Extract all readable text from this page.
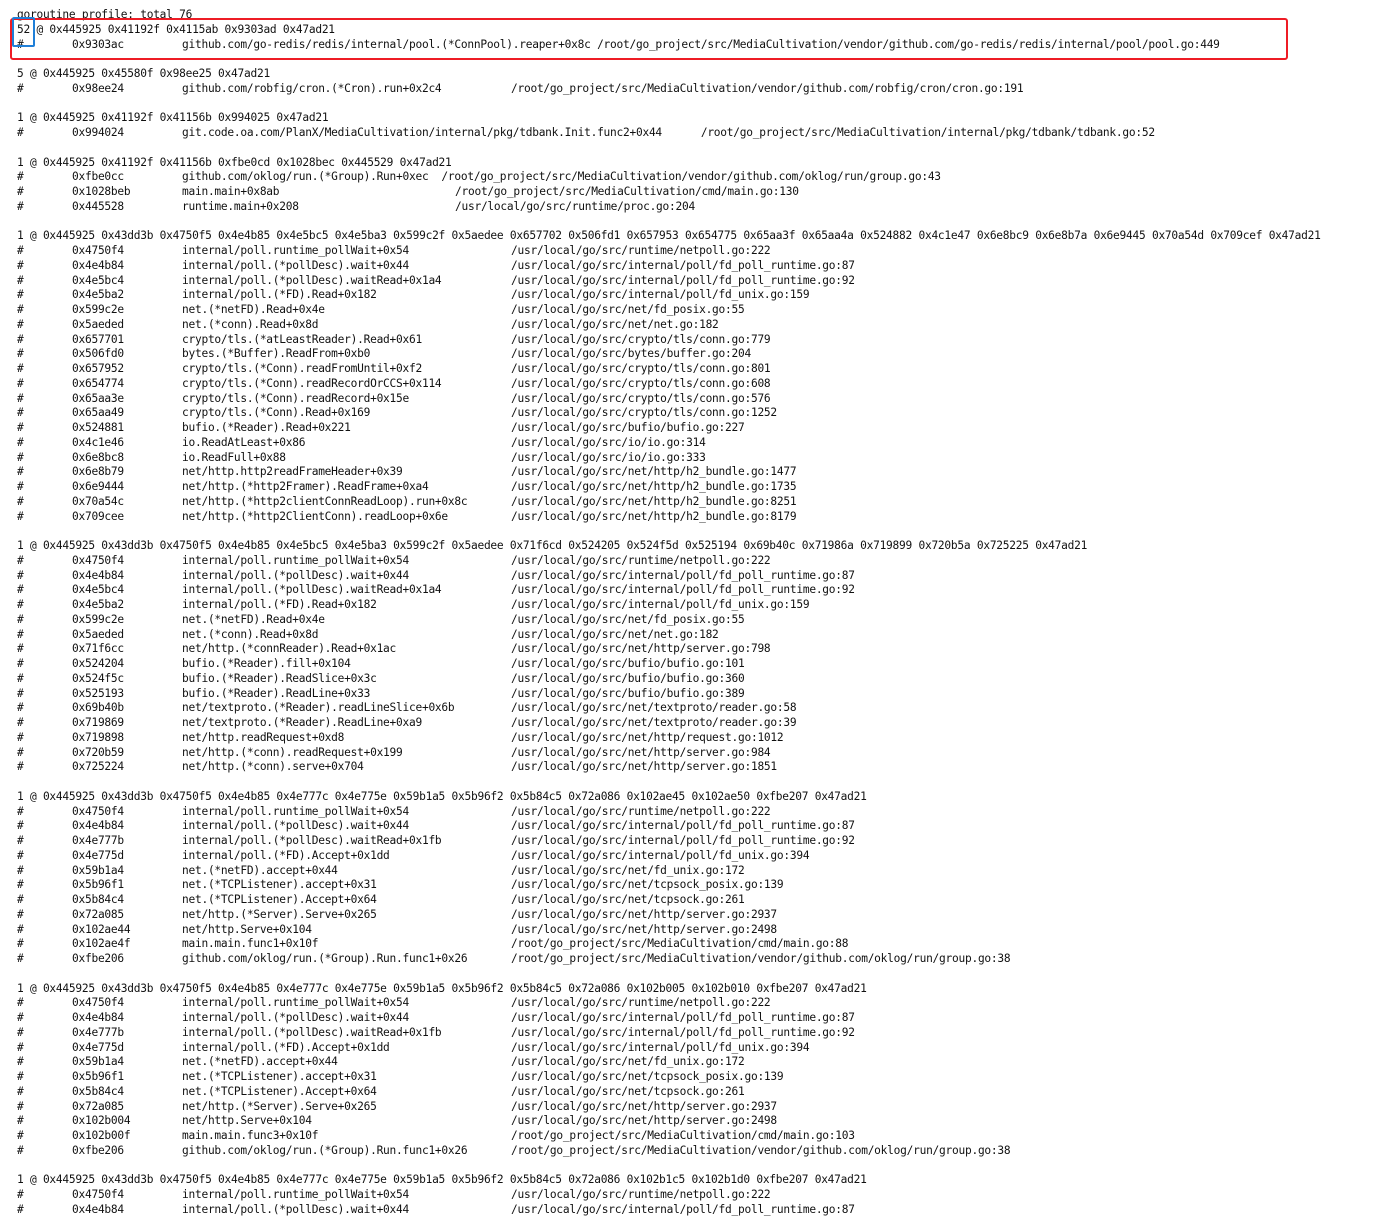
goroutine profile: total 76
52 @ 0x445925 0x41192f 0x4115ab 0x9303ad 0x47ad21
#	0x9303ac	github.com/go-redis/redis/internal/pool.(*ConnPool).reaper+0x8c /root/go_project/src/MediaCultivation/vendor/github.com/go-redis/redis/internal/pool/pool.go:449
5 @ 0x445925 0x45580f 0x98ee25 0x47ad21
#	0x98ee24	github.com/robfig/cron.(*Cron).run+0x2c4	/root/go_project/src/MediaCultivation/vendor/github.com/robfig/cron/cron.go:191
1 @ 0x445925 0x41192f 0x41156b 0x994025 0x47ad21
#	0x994024	git.code.oa.com/PlanX/MediaCultivation/internal/pkg/tdbank.Init.func2+0x44      /root/go_project/src/MediaCultivation/internal/pkg/tdbank/tdbank.go:52
1 @ 0x445925 0x41192f 0x41156b 0xfbe0cd 0x1028bec 0x445529 0x47ad21
#	0xfbe0cc	github.com/oklog/run.(*Group).Run+0xec  /root/go_project/src/MediaCultivation/vendor/github.com/oklog/run/group.go:43
#	0x1028beb	main.main+0x8ab	/root/go_project/src/MediaCultivation/cmd/main.go:130
#	0x445528	runtime.main+0x208	/usr/local/go/src/runtime/proc.go:204
1 @ 0x445925 0x43dd3b 0x4750f5 0x4e4b85 0x4e5bc5 0x4e5ba3 0x599c2f 0x5aedee 0x657702 0x506fd1 0x657953 0x654775 0x65aa3f 0x65aa4a 0x524882 0x4c1e47 0x6e8bc9 0x6e8b7a 0x6e9445 0x70a54d 0x709cef 0x47ad21
#	0x4750f4	internal/poll.runtime_pollWait+0x54	/usr/local/go/src/runtime/netpoll.go:222
#	0x4e4b84	internal/poll.(*pollDesc).wait+0x44	/usr/local/go/src/internal/poll/fd_poll_runtime.go:87
#	0x4e5bc4	internal/poll.(*pollDesc).waitRead+0x1a4	/usr/local/go/src/internal/poll/fd_poll_runtime.go:92
#	0x4e5ba2	internal/poll.(*FD).Read+0x182	/usr/local/go/src/internal/poll/fd_unix.go:159
#	0x599c2e	net.(*netFD).Read+0x4e	/usr/local/go/src/net/fd_posix.go:55
#	0x5aeded	net.(*conn).Read+0x8d	/usr/local/go/src/net/net.go:182
#	0x657701	crypto/tls.(*atLeastReader).Read+0x61	/usr/local/go/src/crypto/tls/conn.go:779
#	0x506fd0	bytes.(*Buffer).ReadFrom+0xb0	/usr/local/go/src/bytes/buffer.go:204
#	0x657952	crypto/tls.(*Conn).readFromUntil+0xf2	/usr/local/go/src/crypto/tls/conn.go:801
#	0x654774	crypto/tls.(*Conn).readRecordOrCCS+0x114	/usr/local/go/src/crypto/tls/conn.go:608
#	0x65aa3e	crypto/tls.(*Conn).readRecord+0x15e	/usr/local/go/src/crypto/tls/conn.go:576
#	0x65aa49	crypto/tls.(*Conn).Read+0x169	/usr/local/go/src/crypto/tls/conn.go:1252
#	0x524881	bufio.(*Reader).Read+0x221	/usr/local/go/src/bufio/bufio.go:227
#	0x4c1e46	io.ReadAtLeast+0x86	/usr/local/go/src/io/io.go:314
#	0x6e8bc8	io.ReadFull+0x88	/usr/local/go/src/io/io.go:333
#	0x6e8b79	net/http.http2readFrameHeader+0x39	/usr/local/go/src/net/http/h2_bundle.go:1477
#	0x6e9444	net/http.(*http2Framer).ReadFrame+0xa4	/usr/local/go/src/net/http/h2_bundle.go:1735
#	0x70a54c	net/http.(*http2clientConnReadLoop).run+0x8c	/usr/local/go/src/net/http/h2_bundle.go:8251
#	0x709cee	net/http.(*http2ClientConn).readLoop+0x6e	/usr/local/go/src/net/http/h2_bundle.go:8179
1 @ 0x445925 0x43dd3b 0x4750f5 0x4e4b85 0x4e5bc5 0x4e5ba3 0x599c2f 0x5aedee 0x71f6cd 0x524205 0x524f5d 0x525194 0x69b40c 0x71986a 0x719899 0x720b5a 0x725225 0x47ad21
#	0x4750f4	internal/poll.runtime_pollWait+0x54	/usr/local/go/src/runtime/netpoll.go:222
#	0x4e4b84	internal/poll.(*pollDesc).wait+0x44	/usr/local/go/src/internal/poll/fd_poll_runtime.go:87
#	0x4e5bc4	internal/poll.(*pollDesc).waitRead+0x1a4	/usr/local/go/src/internal/poll/fd_poll_runtime.go:92
#	0x4e5ba2	internal/poll.(*FD).Read+0x182	/usr/local/go/src/internal/poll/fd_unix.go:159
#	0x599c2e	net.(*netFD).Read+0x4e	/usr/local/go/src/net/fd_posix.go:55
#	0x5aeded	net.(*conn).Read+0x8d	/usr/local/go/src/net/net.go:182
#	0x71f6cc	net/http.(*connReader).Read+0x1ac	/usr/local/go/src/net/http/server.go:798
#	0x524204	bufio.(*Reader).fill+0x104	/usr/local/go/src/bufio/bufio.go:101
#	0x524f5c	bufio.(*Reader).ReadSlice+0x3c	/usr/local/go/src/bufio/bufio.go:360
#	0x525193	bufio.(*Reader).ReadLine+0x33	/usr/local/go/src/bufio/bufio.go:389
#	0x69b40b	net/textproto.(*Reader).readLineSlice+0x6b	/usr/local/go/src/net/textproto/reader.go:58
#	0x719869	net/textproto.(*Reader).ReadLine+0xa9	/usr/local/go/src/net/textproto/reader.go:39
#	0x719898	net/http.readRequest+0xd8	/usr/local/go/src/net/http/request.go:1012
#	0x720b59	net/http.(*conn).readRequest+0x199	/usr/local/go/src/net/http/server.go:984
#	0x725224	net/http.(*conn).serve+0x704	/usr/local/go/src/net/http/server.go:1851
1 @ 0x445925 0x43dd3b 0x4750f5 0x4e4b85 0x4e777c 0x4e775e 0x59b1a5 0x5b96f2 0x5b84c5 0x72a086 0x102ae45 0x102ae50 0xfbe207 0x47ad21
#	0x4750f4	internal/poll.runtime_pollWait+0x54	/usr/local/go/src/runtime/netpoll.go:222
#	0x4e4b84	internal/poll.(*pollDesc).wait+0x44	/usr/local/go/src/internal/poll/fd_poll_runtime.go:87
#	0x4e777b	internal/poll.(*pollDesc).waitRead+0x1fb	/usr/local/go/src/internal/poll/fd_poll_runtime.go:92
#	0x4e775d	internal/poll.(*FD).Accept+0x1dd	/usr/local/go/src/internal/poll/fd_unix.go:394
#	0x59b1a4	net.(*netFD).accept+0x44	/usr/local/go/src/net/fd_unix.go:172
#	0x5b96f1	net.(*TCPListener).accept+0x31	/usr/local/go/src/net/tcpsock_posix.go:139
#	0x5b84c4	net.(*TCPListener).Accept+0x64	/usr/local/go/src/net/tcpsock.go:261
#	0x72a085	net/http.(*Server).Serve+0x265	/usr/local/go/src/net/http/server.go:2937
#	0x102ae44	net/http.Serve+0x104	/usr/local/go/src/net/http/server.go:2498
#	0x102ae4f	main.main.func1+0x10f	/root/go_project/src/MediaCultivation/cmd/main.go:88
#	0xfbe206	github.com/oklog/run.(*Group).Run.func1+0x26	/root/go_project/src/MediaCultivation/vendor/github.com/oklog/run/group.go:38
1 @ 0x445925 0x43dd3b 0x4750f5 0x4e4b85 0x4e777c 0x4e775e 0x59b1a5 0x5b96f2 0x5b84c5 0x72a086 0x102b005 0x102b010 0xfbe207 0x47ad21
#	0x4750f4	internal/poll.runtime_pollWait+0x54	/usr/local/go/src/runtime/netpoll.go:222
#	0x4e4b84	internal/poll.(*pollDesc).wait+0x44	/usr/local/go/src/internal/poll/fd_poll_runtime.go:87
#	0x4e777b	internal/poll.(*pollDesc).waitRead+0x1fb	/usr/local/go/src/internal/poll/fd_poll_runtime.go:92
#	0x4e775d	internal/poll.(*FD).Accept+0x1dd	/usr/local/go/src/internal/poll/fd_unix.go:394
#	0x59b1a4	net.(*netFD).accept+0x44	/usr/local/go/src/net/fd_unix.go:172
#	0x5b96f1	net.(*TCPListener).accept+0x31	/usr/local/go/src/net/tcpsock_posix.go:139
#	0x5b84c4	net.(*TCPListener).Accept+0x64	/usr/local/go/src/net/tcpsock.go:261
#	0x72a085	net/http.(*Server).Serve+0x265	/usr/local/go/src/net/http/server.go:2937
#	0x102b004	net/http.Serve+0x104	/usr/local/go/src/net/http/server.go:2498
#	0x102b00f	main.main.func3+0x10f	/root/go_project/src/MediaCultivation/cmd/main.go:103
#	0xfbe206	github.com/oklog/run.(*Group).Run.func1+0x26	/root/go_project/src/MediaCultivation/vendor/github.com/oklog/run/group.go:38
1 @ 0x445925 0x43dd3b 0x4750f5 0x4e4b85 0x4e777c 0x4e775e 0x59b1a5 0x5b96f2 0x5b84c5 0x72a086 0x102b1c5 0x102b1d0 0xfbe207 0x47ad21
#	0x4750f4	internal/poll.runtime_pollWait+0x54	/usr/local/go/src/runtime/netpoll.go:222
#	0x4e4b84	internal/poll.(*pollDesc).wait+0x44	/usr/local/go/src/internal/poll/fd_poll_runtime.go:87
